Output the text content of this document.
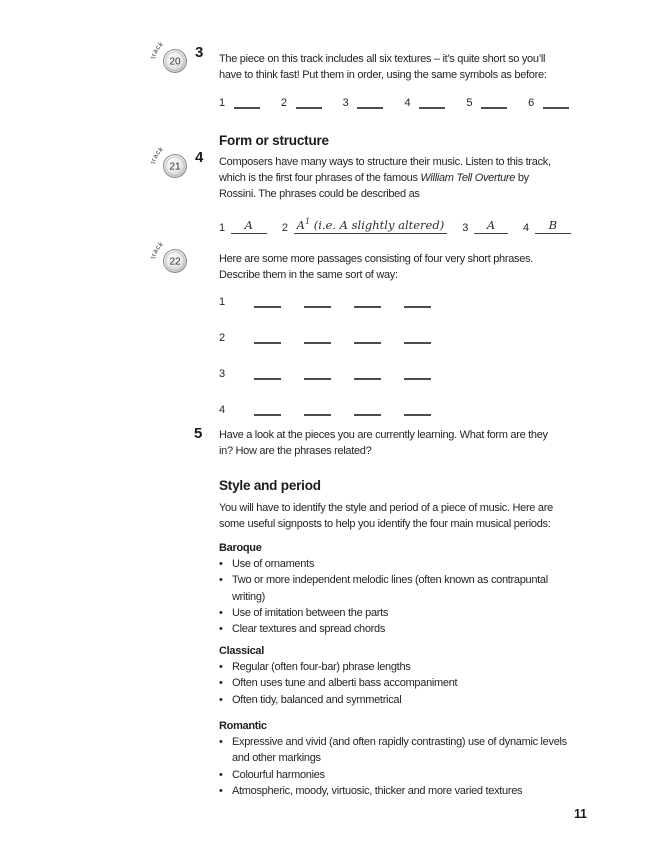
track
20
3 The piece on this track includes all six textures – it’s quite short so you’ll
have to think fast! Put them in order, using the same symbols as before:
1	2	3	4	5	6
Form or structure
track
21
4 Composers have many ways to structure their music. Listen to this track,
which is the first four phrases of the famous William Tell Overture by
Rossini. The phrases could be described as
1	A	2 $A^1$ (i.e. A slightly altered) 3	A	4	B
track
22	Here are some more passages consisting of four very short phrases.
Describe them in the same sort of way:
1
2
3
4
5 Have a look at the pieces you are currently learning. What form are they
in? How are the phrases related?
Style and period
You will have to identify the style and period of a piece of music. Here are
some useful signposts to help you identify the four main musical periods:
Baroque
• Use of ornaments
• Two or more independent melodic lines (often known as contrapuntal
writing)
• Use of imitation between the parts
• Clear textures and spread chords
Classical
• Regular (often four-bar) phrase lengths
• Often uses tune and alberti bass accompaniment
• Often tidy, balanced and symmetrical
Romantic
• Expressive and vivid (and often rapidly contrasting) use of dynamic levels
and other markings
• Colourful harmonies
• Atmospheric, moody, virtuosic, thicker and more varied textures
11
